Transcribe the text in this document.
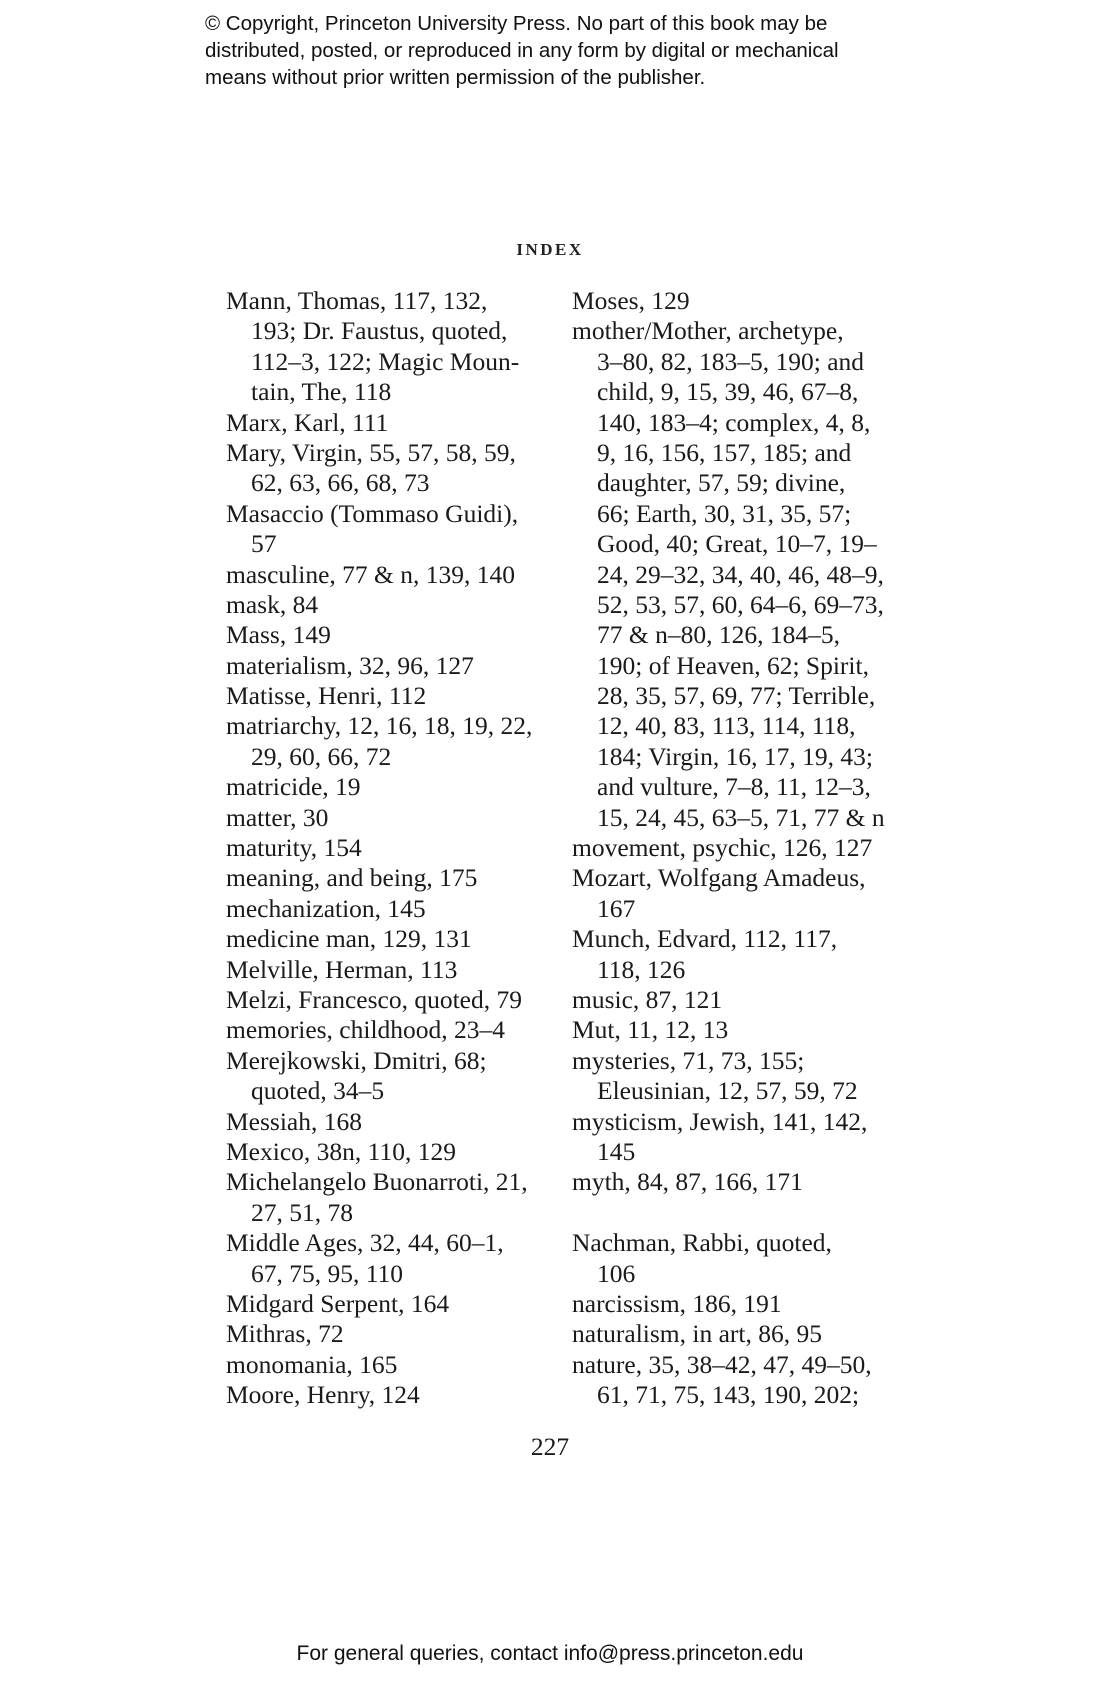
© Copyright, Princeton University Press. No part of this book may be
distributed, posted, or reproduced in any form by digital or mechanical
means without prior written permission of the publisher.
INDEX
Mann, Thomas, 117, 132,
193; Dr. Faustus, quoted,
112–3, 122; Magic Moun-
tain, The, 118
Marx, Karl, 111
Mary, Virgin, 55, 57, 58, 59,
62, 63, 66, 68, 73
Masaccio (Tommaso Guidi),
57
masculine, 77 & n, 139, 140
mask, 84
Mass, 149
materialism, 32, 96, 127
Matisse, Henri, 112
matriarchy, 12, 16, 18, 19, 22,
29, 60, 66, 72
matricide, 19
matter, 30
maturity, 154
meaning, and being, 175
mechanization, 145
medicine man, 129, 131
Melville, Herman, 113
Melzi, Francesco, quoted, 79
memories, childhood, 23–4
Merejkowski, Dmitri, 68;
quoted, 34–5
Messiah, 168
Mexico, 38n, 110, 129
Michelangelo Buonarroti, 21,
27, 51, 78
Middle Ages, 32, 44, 60–1,
67, 75, 95, 110
Midgard Serpent, 164
Mithras, 72
monomania, 165
Moore, Henry, 124
Moses, 129
mother/Mother, archetype,
3–80, 82, 183–5, 190; and
child, 9, 15, 39, 46, 67–8,
140, 183–4; complex, 4, 8,
9, 16, 156, 157, 185; and
daughter, 57, 59; divine,
66; Earth, 30, 31, 35, 57;
Good, 40; Great, 10–7, 19–
24, 29–32, 34, 40, 46, 48–9,
52, 53, 57, 60, 64–6, 69–73,
77 & n–80, 126, 184–5,
190; of Heaven, 62; Spirit,
28, 35, 57, 69, 77; Terrible,
12, 40, 83, 113, 114, 118,
184; Virgin, 16, 17, 19, 43;
and vulture, 7–8, 11, 12–3,
15, 24, 45, 63–5, 71, 77 & n
movement, psychic, 126, 127
Mozart, Wolfgang Amadeus,
167
Munch, Edvard, 112, 117,
118, 126
music, 87, 121
Mut, 11, 12, 13
mysteries, 71, 73, 155;
Eleusinian, 12, 57, 59, 72
mysticism, Jewish, 141, 142,
145
myth, 84, 87, 166, 171
Nachman, Rabbi, quoted,
106
narcissism, 186, 191
naturalism, in art, 86, 95
nature, 35, 38–42, 47, 49–50,
61, 71, 75, 143, 190, 202;
227
For general queries, contact info@press.princeton.edu
